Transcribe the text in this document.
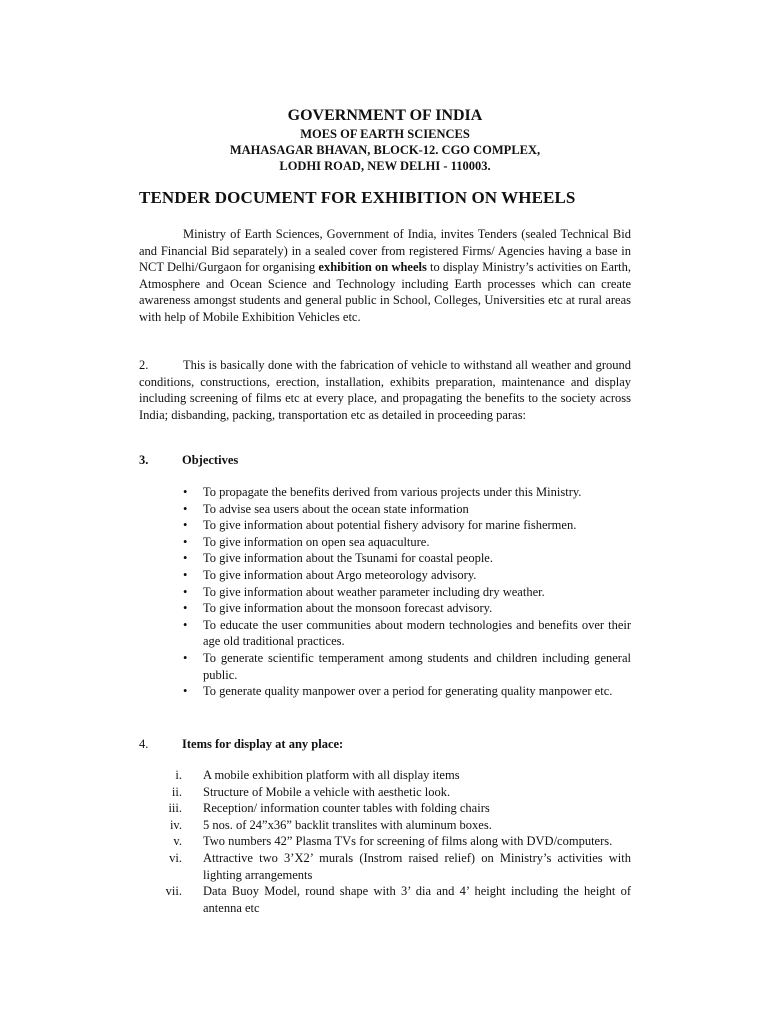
GOVERNMENT OF INDIA
MOES OF EARTH SCIENCES
MAHASAGAR BHAVAN, BLOCK-12. CGO COMPLEX,
LODHI ROAD, NEW DELHI - 110003.
TENDER DOCUMENT FOR EXHIBITION ON WHEELS
Ministry of Earth Sciences, Government of India, invites Tenders (sealed Technical Bid and Financial Bid separately) in a sealed cover from registered Firms/ Agencies having a base in NCT Delhi/Gurgaon for organising exhibition on wheels to display Ministry’s activities on Earth, Atmosphere and Ocean Science and Technology including Earth processes which can create awareness amongst students and general public in School, Colleges, Universities etc at rural areas with help of Mobile Exhibition Vehicles etc.
2.	This is basically done with the fabrication of vehicle to withstand all weather and ground conditions, constructions, erection, installation, exhibits preparation, maintenance and display including screening of films etc at every place, and propagating the benefits to the society across India; disbanding, packing, transportation etc as detailed in proceeding paras:
3.	Objectives
• To propagate the benefits derived from various projects under this Ministry.
• To advise sea users about the ocean state information
• To give information about potential fishery advisory for marine fishermen.
• To give information on open sea aquaculture.
• To give information about the Tsunami for coastal people.
• To give information about Argo meteorology advisory.
• To give information about weather parameter including dry weather.
• To give information about the monsoon forecast advisory.
• To educate the user communities about modern technologies and benefits over their age old traditional practices.
• To generate scientific temperament among students and children including general public.
• To generate quality manpower over a period for generating quality manpower etc.
4.	Items for display at any place:
i.	A mobile exhibition platform with all display items
ii.	Structure of Mobile a vehicle with aesthetic look.
iii.	Reception/ information counter tables with folding chairs
iv.	5 nos. of 24”x36” backlit translites with aluminum boxes.
v.	Two numbers 42” Plasma TVs for screening of films along with DVD/computers.
vi.	Attractive two 3’X2’ murals (Instrom raised relief) on Ministry’s activities with lighting arrangements
vii.	Data Buoy Model, round shape with 3’ dia and 4’ height including the height of antenna etc
